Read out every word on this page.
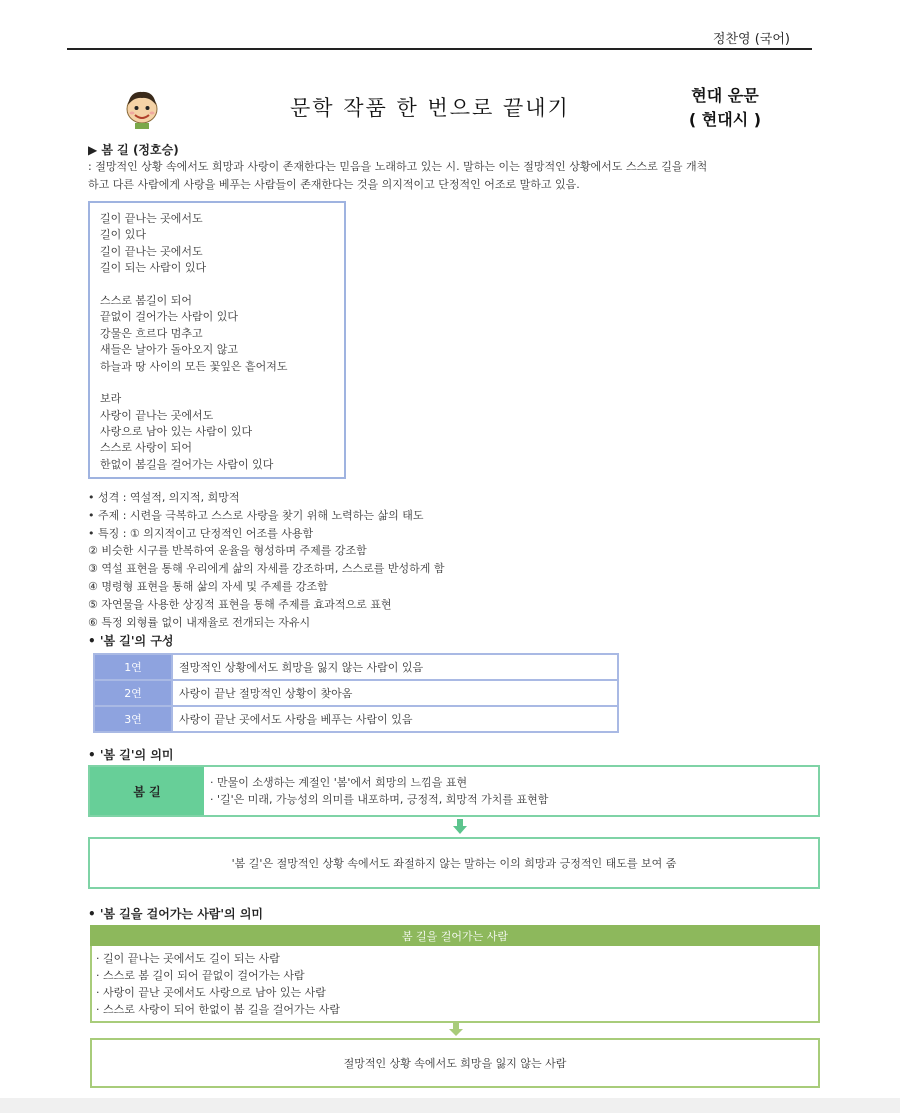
정찬영 (국어)
문학 작품 한 번으로 끝내기
현대 운문
( 현대시 )
▶ 봄 길 (정호승)
: 절망적인 상황 속에서도 희망과 사랑이 존재한다는 믿음을 노래하고 있는 시. 말하는 이는 절망적인 상황에서도 스스로 길을 개척
하고 다른 사람에게 사랑을 베푸는 사람들이 존재한다는 것을 의지적이고 단정적인 어조로 말하고 있음.
길이 끝나는 곳에서도
길이 있다
길이 끝나는 곳에서도
길이 되는 사람이 있다
스스로 봄길이 되어
끝없이 걸어가는 사람이 있다
강물은 흐르다 멈추고
새들은 날아가 돌아오지 않고
하늘과 땅 사이의 모든 꽃잎은 흩어져도
보라
사랑이 끝나는 곳에서도
사랑으로 남아 있는 사람이 있다
스스로 사랑이 되어
한없이 봄길을 걸어가는 사람이 있다
• 성격 : 역설적, 의지적, 희망적
• 주제 : 시련을 극복하고 스스로 사랑을 찾기 위해 노력하는 삶의 태도
• 특징 : ① 의지적이고 단정적인 어조를 사용함
② 비슷한 시구를 반복하여 운율을 형성하며 주제를 강조함
③ 역설 표현을 통해 우리에게 삶의 자세를 강조하며, 스스로를 반성하게 함
④ 명령형 표현을 통해 삶의 자세 및 주제를 강조함
⑤ 자연물을 사용한 상징적 표현을 통해 주제를 효과적으로 표현
⑥ 특정 외형률 없이 내재율로 전개되는 자유시
• '봄 길'의 구성
1연	절망적인 상황에서도 희망을 잃지 않는 사람이 있음
2연	사랑이 끝난 절망적인 상황이 찾아옴
3연	사랑이 끝난 곳에서도 사랑을 베푸는 사람이 있음
• '봄 길'의 의미
봄 길
· 만물이 소생하는 계절인 '봄'에서 희망의 느낌을 표현
· '길'은 미래, 가능성의 의미를 내포하며, 긍정적, 희망적 가치를 표현함
'봄 길'은 절망적인 상황 속에서도 좌절하지 않는 말하는 이의 희망과 긍정적인 태도를 보여 줌
• '봄 길을 걸어가는 사람'의 의미
봄 길을 걸어가는 사람
· 길이 끝나는 곳에서도 길이 되는 사람
· 스스로 봄 길이 되어 끝없이 걸어가는 사람
· 사랑이 끝난 곳에서도 사랑으로 남아 있는 사람
· 스스로 사랑이 되어 한없이 봄 길을 걸어가는 사람
절망적인 상황 속에서도 희망을 잃지 않는 사람
